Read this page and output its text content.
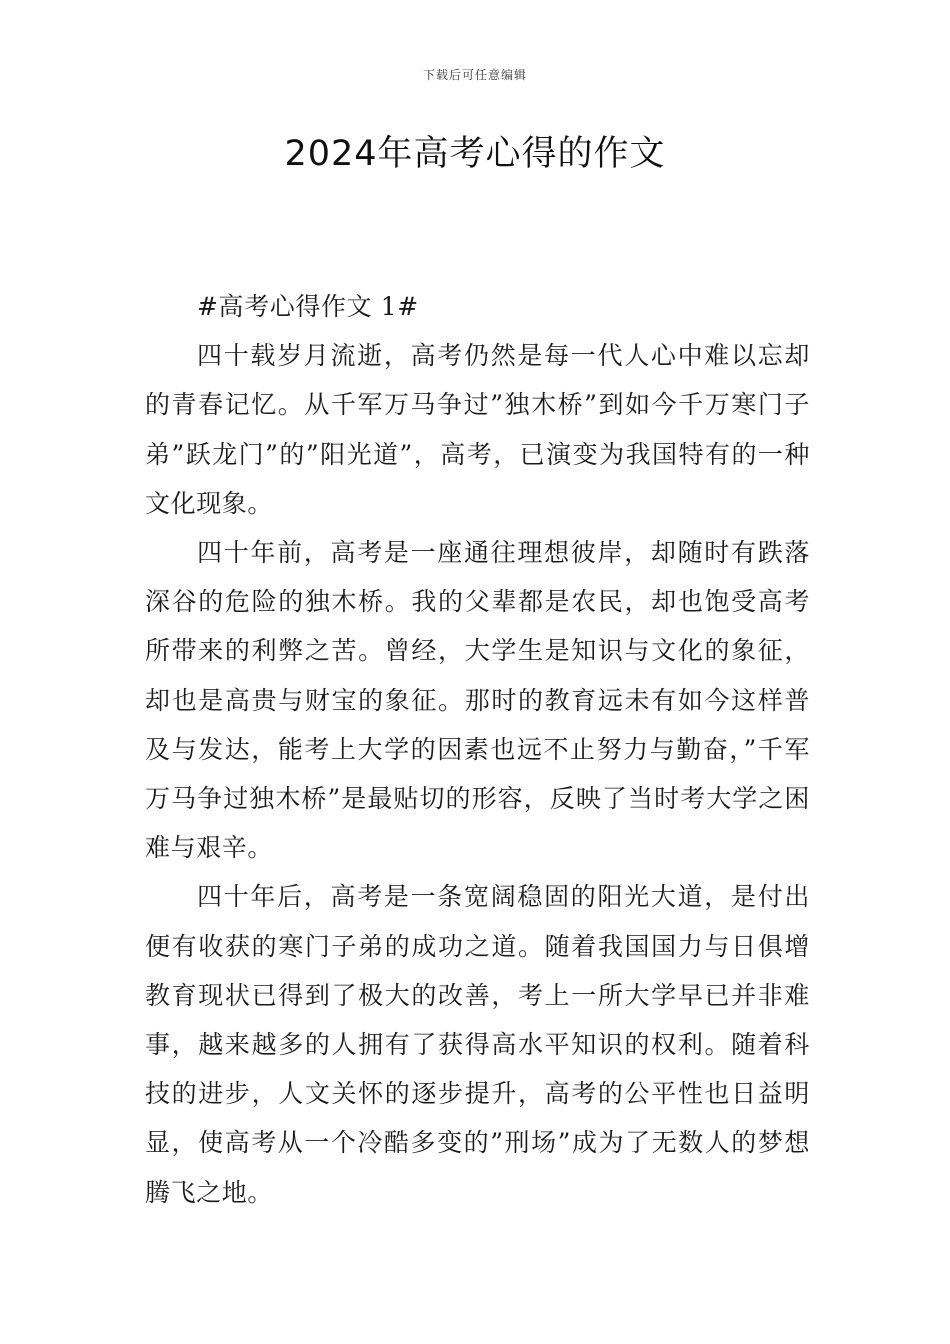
下载后可任意编辑
2024年高考心得的作文

#高考心得作文 1#

四十载岁月流逝，高考仍然是每一代人心中难以忘却的青春记忆。从千军万马争过”独木桥”到如今千万寒门子弟”跃龙门”的”阳光道”，高考，已演变为我国特有的一种文化现象。

四十年前，高考是一座通往理想彼岸，却随时有跌落深谷的危险的独木桥。我的父辈都是农民，却也饱受高考所带来的利弊之苦。曾经，大学生是知识与文化的象征，却也是高贵与财宝的象征。那时的教育远未有如今这样普及与发达，能考上大学的因素也远不止努力与勤奋，”千军万马争过独木桥”是最贴切的形容，反映了当时考大学之困难与艰辛。

四十年后，高考是一条宽阔稳固的阳光大道，是付出便有收获的寒门子弟的成功之道。随着我国国力与日俱增教育现状已得到了极大的改善，考上一所大学早已并非难事，越来越多的人拥有了获得高水平知识的权利。随着科技的进步，人文关怀的逐步提升，高考的公平性也日益明显，使高考从一个冷酷多变的”刑场”成为了无数人的梦想腾飞之地。
